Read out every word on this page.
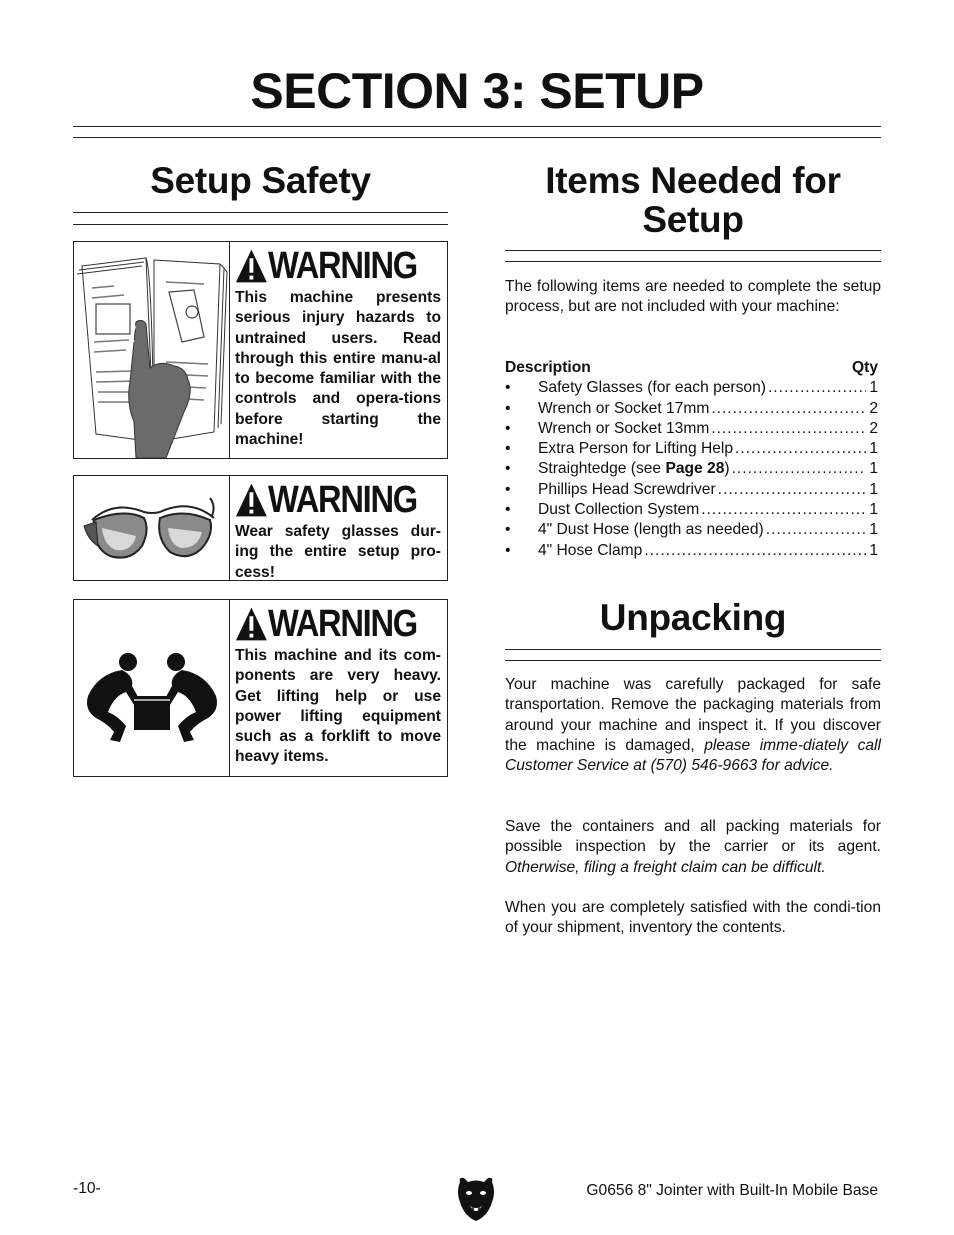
SECTION 3: SETUP
Setup Safety
WARNING
This machine presents serious injury hazards to untrained users. Read through this entire manu-al to become familiar with the controls and opera-tions before starting the machine!
WARNING
Wear safety glasses dur-ing the entire setup pro-cess!
WARNING
This machine and its com-ponents are very heavy. Get lifting help or use power lifting equipment such as a forklift to move heavy items.
Items Needed for
Setup
The following items are needed to complete the setup process, but are not included with your machine:
Description	Qty
•	Safety Glasses (for each person) .....	1
•	Wrench or Socket 17mm .....	2
•	Wrench or Socket 13mm .....	2
•	Extra Person for Lifting Help .....	1
•	Straightedge (see Page 28) .....	1
•	Phillips Head Screwdriver .....	1
•	Dust Collection System .....	1
•	4" Dust Hose (length as needed) .....	1
•	4" Hose Clamp .....	1
Unpacking
Your machine was carefully packaged for safe transportation. Remove the packaging materials from around your machine and inspect it. If you discover the machine is damaged, please imme-diately call Customer Service at (570) 546-9663 for advice.
Save the containers and all packing materials for possible inspection by the carrier or its agent. Otherwise, filing a freight claim can be difficult.
When you are completely satisfied with the condi-tion of your shipment, inventory the contents.
-10-	G0656 8" Jointer with Built-In Mobile Base
